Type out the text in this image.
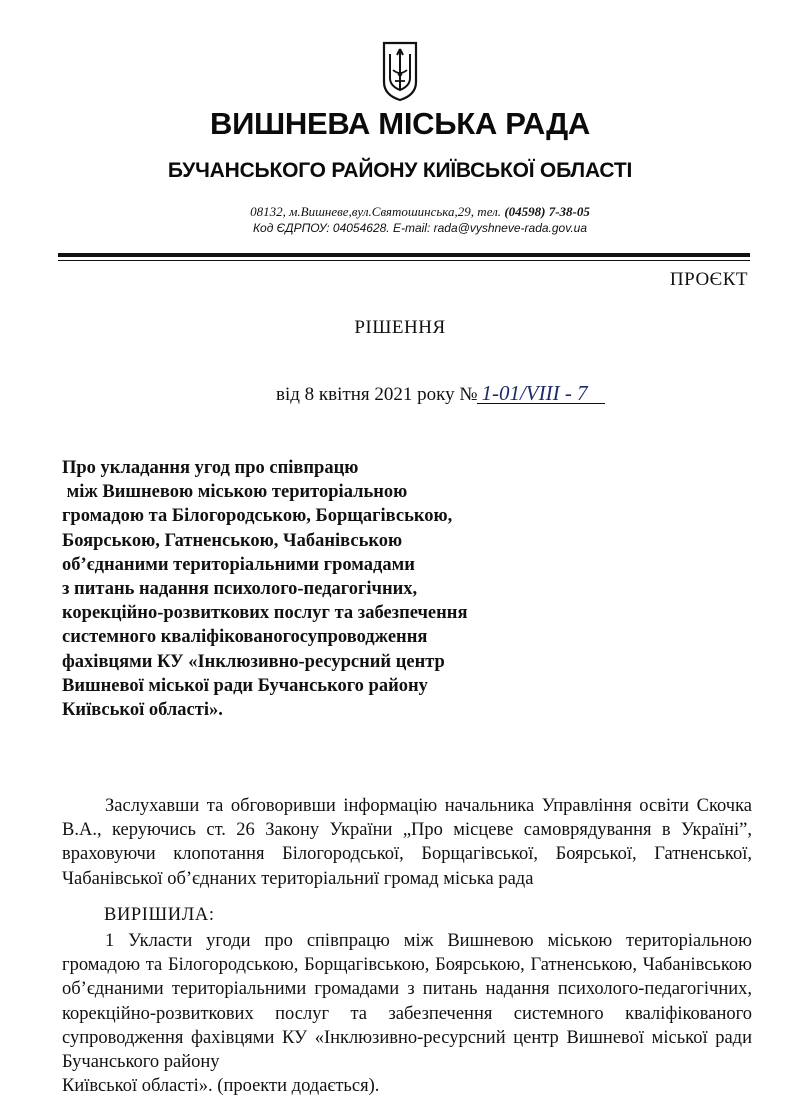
ВИШНЕВА МІСЬКА РАДА
БУЧАНСЬКОГО РАЙОНУ КИЇВСЬКОЇ ОБЛАСТІ
08132, м.Вишневе,вул.Святошинська,29, тел. (04598) 7-38-05
Код ЄДРПОУ: 04054628. E-mail: rada@vyshneve-rada.gov.ua
ПРОЄКТ
РІШЕННЯ
від 8 квітня 2021 року № 1-01/VIII - 7
Про укладання угод про співпрацю
між Вишневою міською територіальною
громадою та Білогородською, Борщагівською,
Боярською, Гатненською, Чабанівською
об’єднаними територіальними громадами
з питань надання психолого-педагогічних,
корекційно-розвиткових послуг та забезпечення
системного кваліфікованогосупроводження
фахівцями КУ «Інклюзивно-ресурсний центр
Вишневої міської ради Бучанського району
Київської області».

Заслухавши та обговоривши інформацію начальника Управління освіти Скочка В.А., керуючись ст. 26 Закону України „Про місцеве самоврядування в Україні”, враховуючи клопотання Білогородської, Борщагівської, Боярської, Гатненської, Чабанівської об’єднаних територіальниї громад міська рада

ВИРІШИЛА:

1 Укласти угоди про співпрацю між Вишневою міською територіальною громадою та Білогородською, Борщагівською, Боярською, Гатненською, Чабанівською об’єднаними територіальними громадами з питань надання психолого-педагогічних, корекційно-розвиткових послуг та забезпечення системного кваліфікованого супроводження фахівцями КУ «Інклюзивно-ресурсний центр Вишневої міської ради Бучанського району

Київської області». (проекти додається).
